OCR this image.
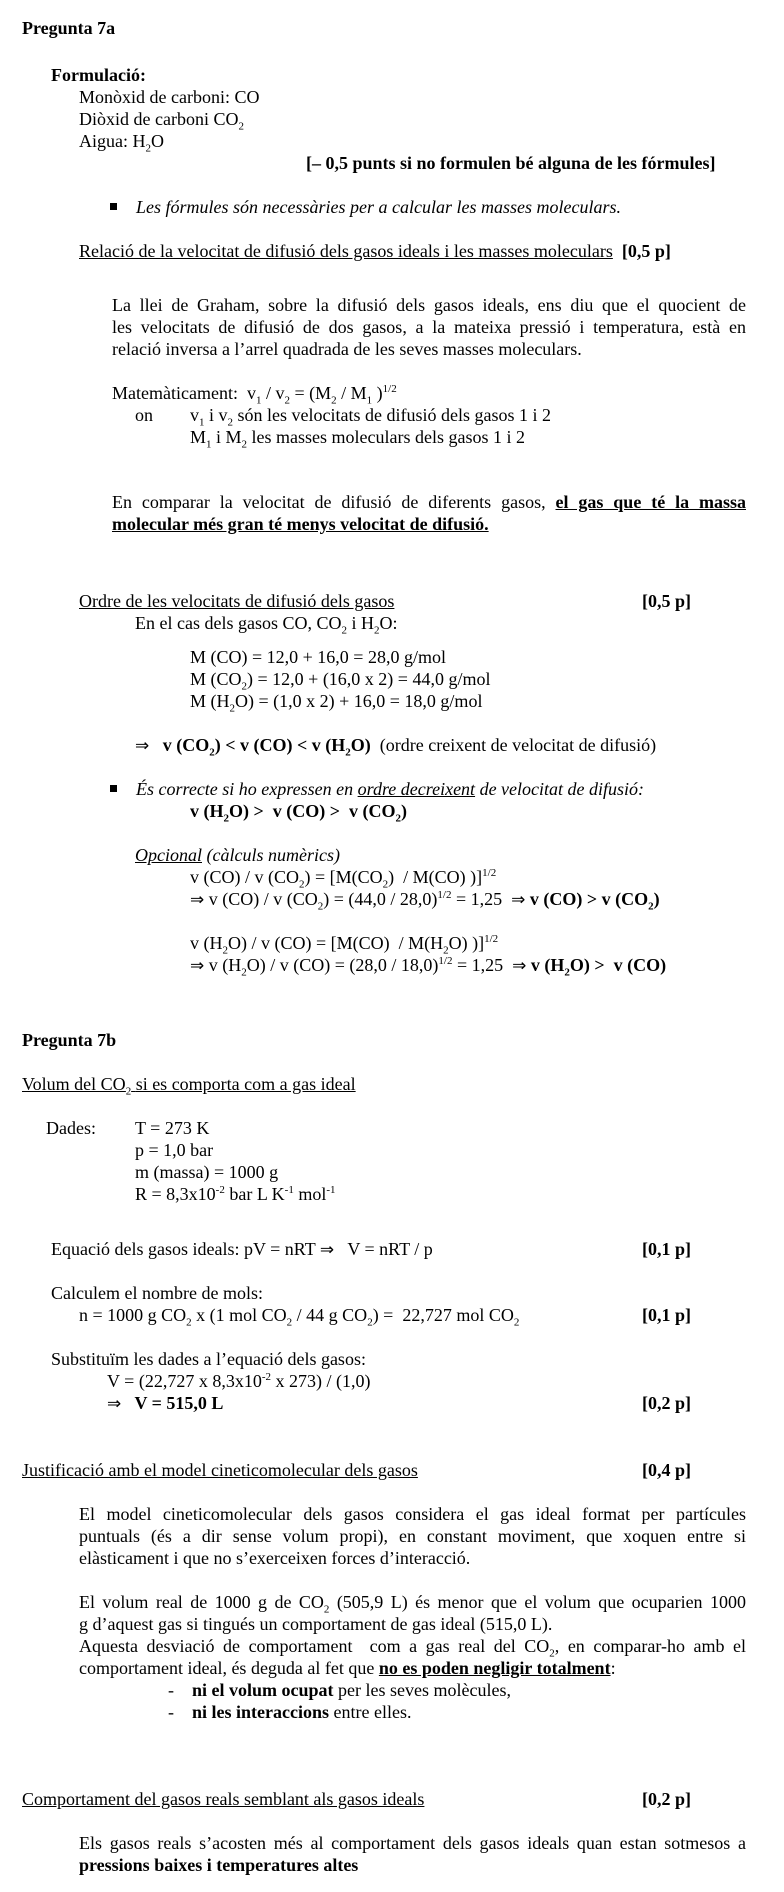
Pregunta 7a
Formulació:
Monòxid de carboni: CO
Diòxid de carboni $CO_2$
Aigua: $H_2O$
[– 0,5 punts si no formulen bé alguna de les fórmules]
Les fórmules són necessàries per a calcular les masses moleculars.
Relació de la velocitat de difusió dels gasos ideals i les masses moleculars [0,5 p]
La llei de Graham, sobre la difusió dels gasos ideals, ens diu que el quocient de
les velocitats de difusió de dos gasos, a la mateixa pressió i temperatura, està en
relació inversa a l’arrel quadrada de les seves masses moleculars.
Matemàticament:  $v_1 / v_2 = (M_2 / M_1$ )$^{1/2}$
on $v_1$ i $v_2$ són les velocitats de difusió dels gasos 1 i 2
$M_1$ i $M_2$ les masses moleculars dels gasos 1 i 2
En comparar la velocitat de difusió de diferents gasos, el gas que té la massa
molecular més gran té menys velocitat de difusió.
Ordre de les velocitats de difusió dels gasos	[0,5 p]
En el cas dels gasos CO, $CO_2$ i $H_2O$:
M (CO) = 12,0 + 16,0 = 28,0 g/mol
M $(CO_2) = 12,0 + (16,0$ x 2) = 44,0 g/mol
M $(H_2O) = (1,0$ x 2) + 16,0 = 18,0 g/mol
⇒ v $(CO_2) < v$ (CO) < v $(H_2O)$ (ordre creixent de velocitat de difusió)
És correcte si ho expressen en ordre decreixent de velocitat de difusió:
v $(H_2O) > v$ (CO) >  v $(CO_2)$
Opcional (càlculs numèrics)
v (CO) / v $(CO_2) = [M(CO_2) / M(CO)$ )]$^{1/2}$
⇒ v (CO) / v $(CO_2) = (44,0 / 28,0)^{1/2} = 1,25$ ⇒ v (CO) > v $(CO_2)$
v $(H_2O)$ / v $(CO) = [M(CO) / M(H_2O)$ )]$^{1/2}$
⇒ v $(H_2O)$ / v (CO) = (28,0 / 18,0)$^{1/2}$ = 1,25 ⇒ v $(H_2O) > v$ (CO)
Pregunta 7b
Volum del $CO_2$ si es comporta com a gas ideal
Dades: T = 273 K
p = 1,0 bar
m (massa) = 1000 g
$R = 8,3x10^{-2}$ bar L $K^{-1}$ mol$^{-1}$
Equació dels gasos ideals: pV = nRT ⇒ V = nRT / p	[0,1 p]
Calculem el nombre de mols:
n = 1000 g $CO_2$ x (1 mol $CO_2 / 44$ g $CO_2) = 22,727$ mol $CO_2$	[0,1 p]
Substituïm les dades a l’equació dels gasos:
V = (22,727 x $8,3x10^{-2}$ x 273) / (1,0)
⇒ V = 515,0 L	[0,2 p]
Justificació amb el model cineticomolecular dels gasos	[0,4 p]
El model cineticomolecular dels gasos considera el gas ideal format per partícules
puntuals (és a dir sense volum propi), en constant moviment, que xoquen entre si
elàsticament i que no s’exerceixen forces d’interacció.
El volum real de 1000 g de $CO_2$ (505,9 L) és menor que el volum que ocuparien 1000
g d’aquest gas si tingués un comportament de gas ideal (515,0 L).
Aquesta desviació de comportament  com a gas real del $CO_2$, en comparar-ho amb el
comportament ideal, és deguda al fet que no es poden negligir totalment:
-    ni el volum ocupat per les seves molècules,
-    ni les interaccions entre elles.
Comportament del gasos reals semblant als gasos ideals	[0,2 p]
Els gasos reals s’acosten més al comportament dels gasos ideals quan estan sotmesos a
pressions baixes i temperatures altes
